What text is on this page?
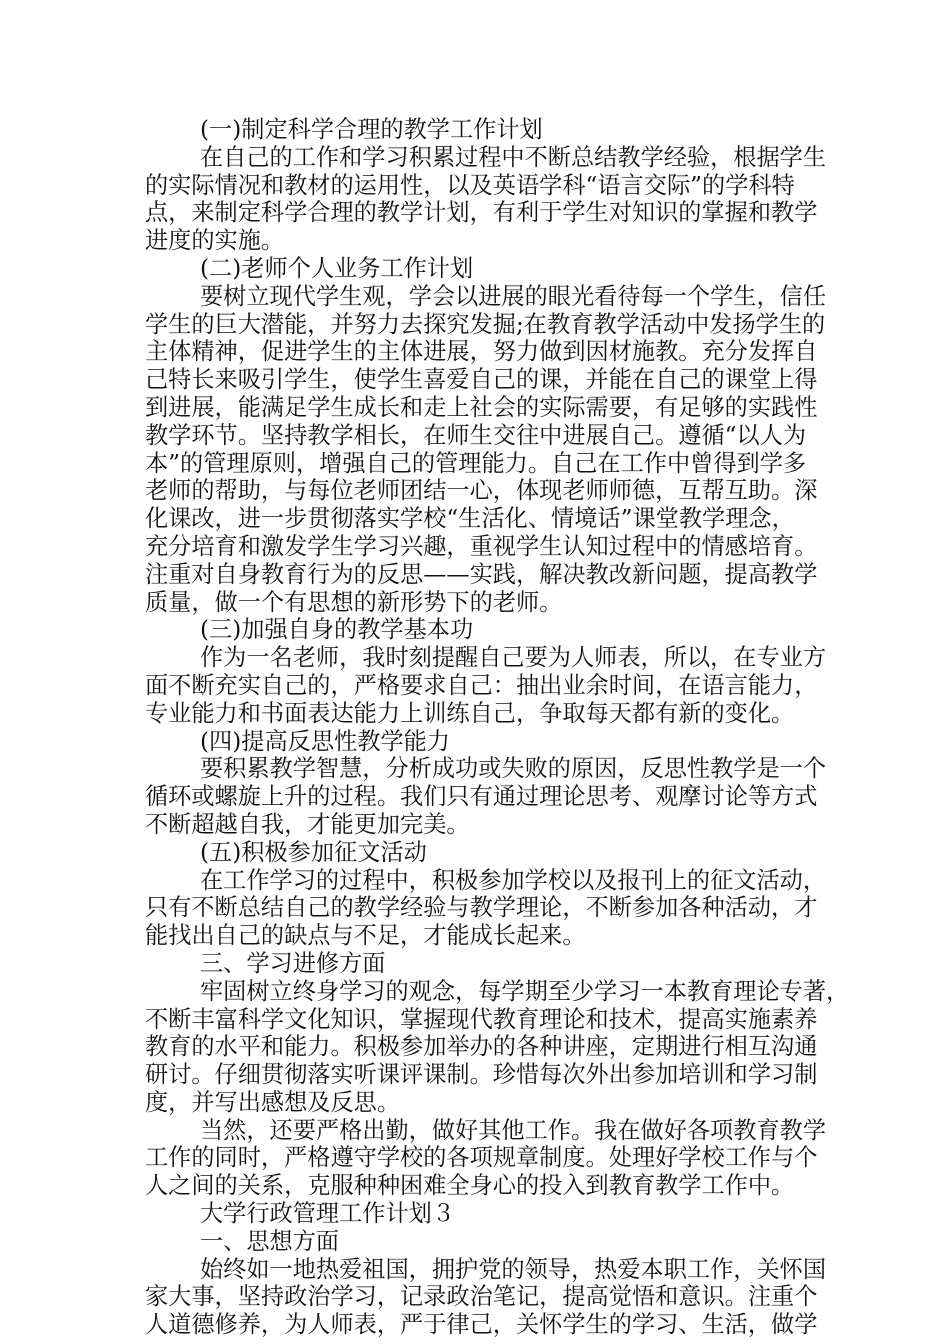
(一)制定科学合理的教学工作计划
在自己的工作和学习积累过程中不断总结教学经验，根据学生
的实际情况和教材的运用性，以及英语学科“语言交际”的学科特
点，来制定科学合理的教学计划，有利于学生对知识的掌握和教学
进度的实施。
(二)老师个人业务工作计划
要树立现代学生观，学会以进展的眼光看待每一个学生，信任
学生的巨大潜能，并努力去探究发掘;在教育教学活动中发扬学生的
主体精神，促进学生的主体进展，努力做到因材施教。充分发挥自
己特长来吸引学生，使学生喜爱自己的课，并能在自己的课堂上得
到进展，能满足学生成长和走上社会的实际需要，有足够的实践性
教学环节。坚持教学相长，在师生交往中进展自己。遵循“以人为
本”的管理原则，增强自己的管理能力。自己在工作中曾得到学多
老师的帮助，与每位老师团结一心，体现老师师德，互帮互助。深
化课改，进一步贯彻落实学校“生活化、情境话”课堂教学理念，
充分培育和激发学生学习兴趣，重视学生认知过程中的情感培育。
注重对自身教育行为的反思——实践，解决教改新问题，提高教学
质量，做一个有思想的新形势下的老师。
(三)加强自身的教学基本功
作为一名老师，我时刻提醒自己要为人师表，所以，在专业方
面不断充实自己的，严格要求自己：抽出业余时间，在语言能力，
专业能力和书面表达能力上训练自己，争取每天都有新的变化。
(四)提高反思性教学能力
要积累教学智慧，分析成功或失败的原因，反思性教学是一个
循环或螺旋上升的过程。我们只有通过理论思考、观摩讨论等方式
不断超越自我，才能更加完美。
(五)积极参加征文活动
在工作学习的过程中，积极参加学校以及报刊上的征文活动，
只有不断总结自己的教学经验与教学理论，不断参加各种活动，才
能找出自己的缺点与不足，才能成长起来。
三、学习进修方面
牢固树立终身学习的观念，每学期至少学习一本教育理论专著，
不断丰富科学文化知识，掌握现代教育理论和技术，提高实施素养
教育的水平和能力。积极参加举办的各种讲座，定期进行相互沟通
研讨。仔细贯彻落实听课评课制。珍惜每次外出参加培训和学习制
度，并写出感想及反思。
当然，还要严格出勤，做好其他工作。我在做好各项教育教学
工作的同时，严格遵守学校的各项规章制度。处理好学校工作与个
人之间的关系，克服种种困难全身心的投入到教育教学工作中。
大学行政管理工作计划３
一、思想方面
始终如一地热爱祖国，拥护党的领导，热爱本职工作，关怀国
家大事，坚持政治学习，记录政治笔记，提高觉悟和意识。注重个
人道德修养，为人师表，严于律己，关怀学生的学习、生活，做学
